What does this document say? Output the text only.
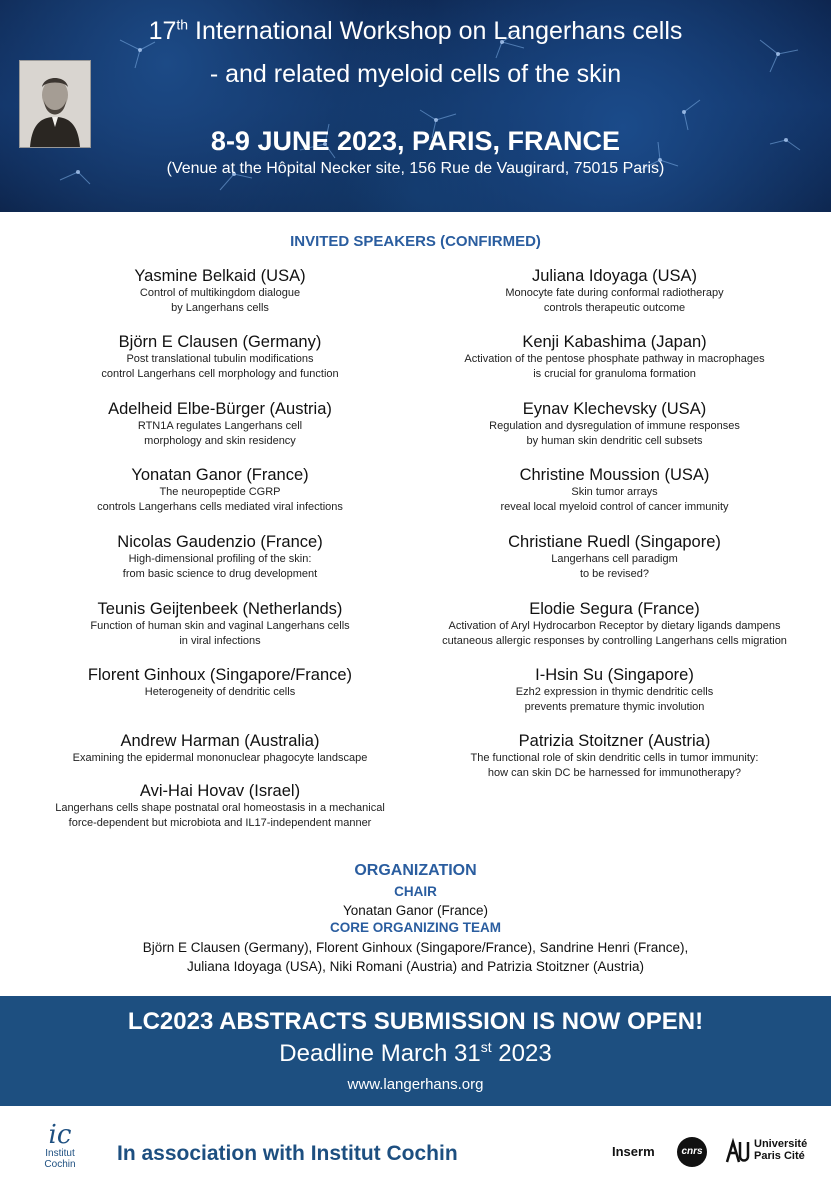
17th International Workshop on Langerhans cells
- and related myeloid cells of the skin
8-9 JUNE 2023, PARIS, FRANCE
(Venue at the Hôpital Necker site, 156 Rue de Vaugirard, 75015 Paris)
INVITED SPEAKERS (CONFIRMED)
Yasmine Belkaid (USA)
Control of multikingdom dialogue
by Langerhans cells
Björn E Clausen (Germany)
Post translational tubulin modifications
control Langerhans cell morphology and function
Adelheid Elbe-Bürger (Austria)
RTN1A regulates Langerhans cell
morphology and skin residency
Yonatan Ganor (France)
The neuropeptide CGRP
controls Langerhans cells mediated viral infections
Nicolas Gaudenzio (France)
High-dimensional profiling of the skin:
from basic science to drug development
Teunis Geijtenbeek (Netherlands)
Function of human skin and vaginal Langerhans cells
in viral infections
Florent Ginhoux (Singapore/France)
Heterogeneity of dendritic cells
Andrew Harman (Australia)
Examining the epidermal mononuclear phagocyte landscape
Avi-Hai Hovav (Israel)
Langerhans cells shape postnatal oral homeostasis in a mechanical
force-dependent but microbiota and IL17-independent manner
Juliana Idoyaga (USA)
Monocyte fate during conformal radiotherapy
controls therapeutic outcome
Kenji Kabashima (Japan)
Activation of the pentose phosphate pathway in macrophages
is crucial for granuloma formation
Eynav Klechevsky (USA)
Regulation and dysregulation of immune responses
by human skin dendritic cell subsets
Christine Moussion (USA)
Skin tumor arrays
reveal local myeloid control of cancer immunity
Christiane Ruedl (Singapore)
Langerhans cell paradigm
to be revised?
Elodie Segura (France)
Activation of Aryl Hydrocarbon Receptor by dietary ligands dampens
cutaneous allergic responses by controlling Langerhans cells migration
I-Hsin Su (Singapore)
Ezh2 expression in thymic dendritic cells
prevents premature thymic involution
Patrizia Stoitzner (Austria)
The functional role of skin dendritic cells in tumor immunity:
how can skin DC be harnessed for immunotherapy?
ORGANIZATION
CHAIR
Yonatan Ganor (France)
CORE ORGANIZING TEAM
Björn E Clausen (Germany), Florent Ginhoux (Singapore/France), Sandrine Henri (France),
Juliana Idoyaga (USA), Niki Romani (Austria) and Patrizia Stoitzner (Austria)
LC2023 ABSTRACTS SUBMISSION IS NOW OPEN!
Deadline March 31st 2023
www.langerhans.org
ic
Institut
Cochin	In association with Institut Cochin	Inserm	cnrs
Université
Paris Cité
